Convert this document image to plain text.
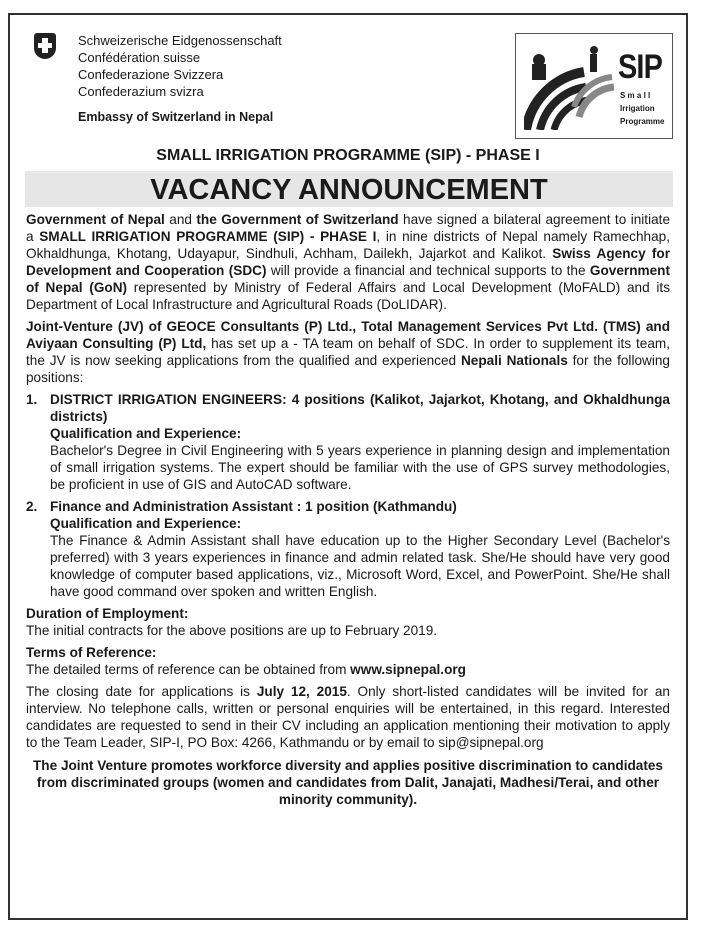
Schweizerische Eidgenossenschaft
Confédération suisse
Confederazione Svizzera
Confederazium svizra
Embassy of Switzerland in Nepal
SIP
S m a l l
Irrigation
Programme
SMALL IRRIGATION PROGRAMME (SIP) - PHASE I
VACANCY ANNOUNCEMENT

Government of Nepal and the Government of Switzerland have signed a bilateral agreement to initiate a SMALL IRRIGATION PROGRAMME (SIP) - PHASE I, in nine districts of Nepal namely Ramechhap, Okhaldhunga, Khotang, Udayapur, Sindhuli, Achham, Dailekh, Jajarkot and Kalikot. Swiss Agency for Development and Cooperation (SDC) will provide a financial and technical supports to the Government of Nepal (GoN) represented by Ministry of Federal Affairs and Local Development (MoFALD) and its Department of Local Infrastructure and Agricultural Roads (DoLIDAR).

Joint-Venture (JV) of GEOCE Consultants (P) Ltd., Total Management Services Pvt Ltd. (TMS) and Aviyaan Consulting (P) Ltd, has set up a - TA team on behalf of SDC. In order to supplement its team, the JV is now seeking applications from the qualified and experienced Nepali Nationals for the following positions:

1. DISTRICT IRRIGATION ENGINEERS: 4 positions (Kalikot, Jajarkot, Khotang, and Okhaldhunga districts)
Qualification and Experience:
Bachelor's Degree in Civil Engineering with 5 years experience in planning design and implementation of small irrigation systems. The expert should be familiar with the use of GPS survey methodologies, be proficient in use of GIS and AutoCAD software.
2. Finance and Administration Assistant : 1 position (Kathmandu)
Qualification and Experience:
The Finance & Admin Assistant shall have education up to the Higher Secondary Level (Bachelor's preferred) with 3 years experiences in finance and admin related task. She/He should have very good knowledge of computer based applications, viz., Microsoft Word, Excel, and PowerPoint. She/He shall have good command over spoken and written English.

Duration of Employment:
The initial contracts for the above positions are up to February 2019.

Terms of Reference:
The detailed terms of reference can be obtained from www.sipnepal.org

The closing date for applications is July 12, 2015. Only short-listed candidates will be invited for an interview. No telephone calls, written or personal enquiries will be entertained, in this regard. Interested candidates are requested to send in their CV including an application mentioning their motivation to apply to the Team Leader, SIP-I, PO Box: 4266, Kathmandu or by email to sip@sipnepal.org

The Joint Venture promotes workforce diversity and applies positive discrimination to candidates from discriminated groups (women and candidates from Dalit, Janajati, Madhesi/Terai, and other minority community).
